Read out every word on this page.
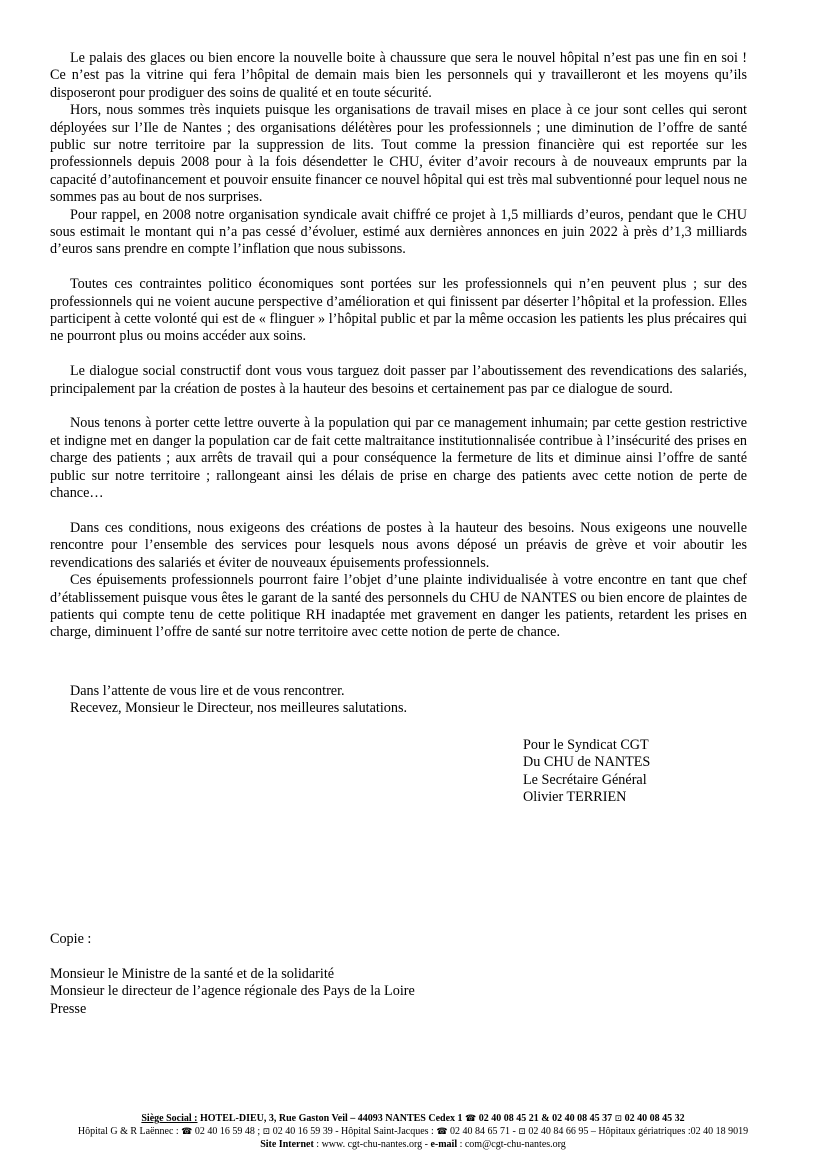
Le palais des glaces ou bien encore la nouvelle boite à chaussure que sera le nouvel hôpital n’est pas une fin en soi ! Ce n’est pas la vitrine qui fera l’hôpital de demain mais bien les personnels qui y travailleront et les moyens qu’ils disposeront pour prodiguer des soins de qualité et en toute sécurité.

Hors, nous sommes très inquiets puisque les organisations de travail mises en place à ce jour sont celles qui seront déployées sur l’Ile de Nantes ; des organisations délétères pour les professionnels ; une diminution de l’offre de santé public sur notre territoire par la suppression de lits. Tout comme la pression financière qui est reportée sur les professionnels depuis 2008 pour à la fois désendetter le CHU, éviter d’avoir recours à de nouveaux emprunts par la capacité d’autofinancement et pouvoir ensuite financer ce nouvel hôpital qui est très mal subventionné pour lequel nous ne sommes pas au bout de nos surprises.

Pour rappel, en 2008 notre organisation syndicale avait chiffré ce projet à 1,5 milliards d’euros, pendant que le CHU sous estimait le montant qui n’a pas cessé d’évoluer, estimé aux dernières annonces en juin 2022 à près d’1,3 milliards d’euros sans prendre en compte l’inflation que nous subissons.

Toutes ces contraintes politico économiques sont portées sur les professionnels qui n’en peuvent plus ; sur des professionnels qui ne voient aucune perspective d’amélioration et qui finissent par déserter l’hôpital et la profession. Elles participent à cette volonté qui est de « flinguer » l’hôpital public et par la même occasion les patients les plus précaires qui ne pourront plus ou moins accéder aux soins.

Le dialogue social constructif dont vous vous targuez doit passer par l’aboutissement des revendications des salariés, principalement par la création de postes à la hauteur des besoins et certainement pas par ce dialogue de sourd.

Nous tenons à porter cette lettre ouverte à la population qui par ce management inhumain; par cette gestion restrictive et indigne met en danger la population car de fait cette maltraitance institutionnalisée contribue à l’insécurité des prises en charge des patients ; aux arrêts de travail qui a pour conséquence la fermeture de lits et diminue ainsi l’offre de santé public sur notre territoire ; rallongeant ainsi les délais de prise en charge des patients avec cette notion de perte de chance…

Dans ces conditions, nous exigeons des créations de postes à la hauteur des besoins. Nous exigeons une nouvelle rencontre pour l’ensemble des services pour lesquels nous avons déposé un préavis de grève et voir aboutir les revendications des salariés et éviter de nouveaux épuisements professionnels.

Ces épuisements professionnels pourront faire l’objet d’une plainte individualisée à votre encontre en tant que chef d’établissement puisque vous êtes le garant de la santé des personnels du CHU de NANTES ou bien encore de plaintes de patients qui compte tenu de cette politique RH inadaptée met gravement en danger les patients, retardent les prises en charge, diminuent l’offre de santé sur notre territoire avec cette notion de perte de chance.

Dans l’attente de vous lire et de vous rencontrer.
Recevez, Monsieur le Directeur, nos meilleures salutations.
Pour le Syndicat CGT
Du CHU de NANTES
Le Secrétaire Général
Olivier TERRIEN
Copie :
Monsieur le Ministre de la santé et de la solidarité
Monsieur le directeur de l’agence régionale des Pays de la Loire
Presse
Siège Social : HOTEL-DIEU, 3, Rue Gaston Veil – 44093 NANTES Cedex 1 ☎ 02 40 08 45 21 & 02 40 08 45 37 ⊡ 02 40 08 45 32
Hôpital G & R Laënnec : ☎ 02 40 16 59 48 ; ⊡ 02 40 16 59 39 - Hôpital Saint-Jacques : ☎ 02 40 84 65 71 - ⊡ 02 40 84 66 95 – Hôpitaux gériatriques :02 40 18 9019
Site Internet : www. cgt-chu-nantes.org - e-mail : com@cgt-chu-nantes.org
